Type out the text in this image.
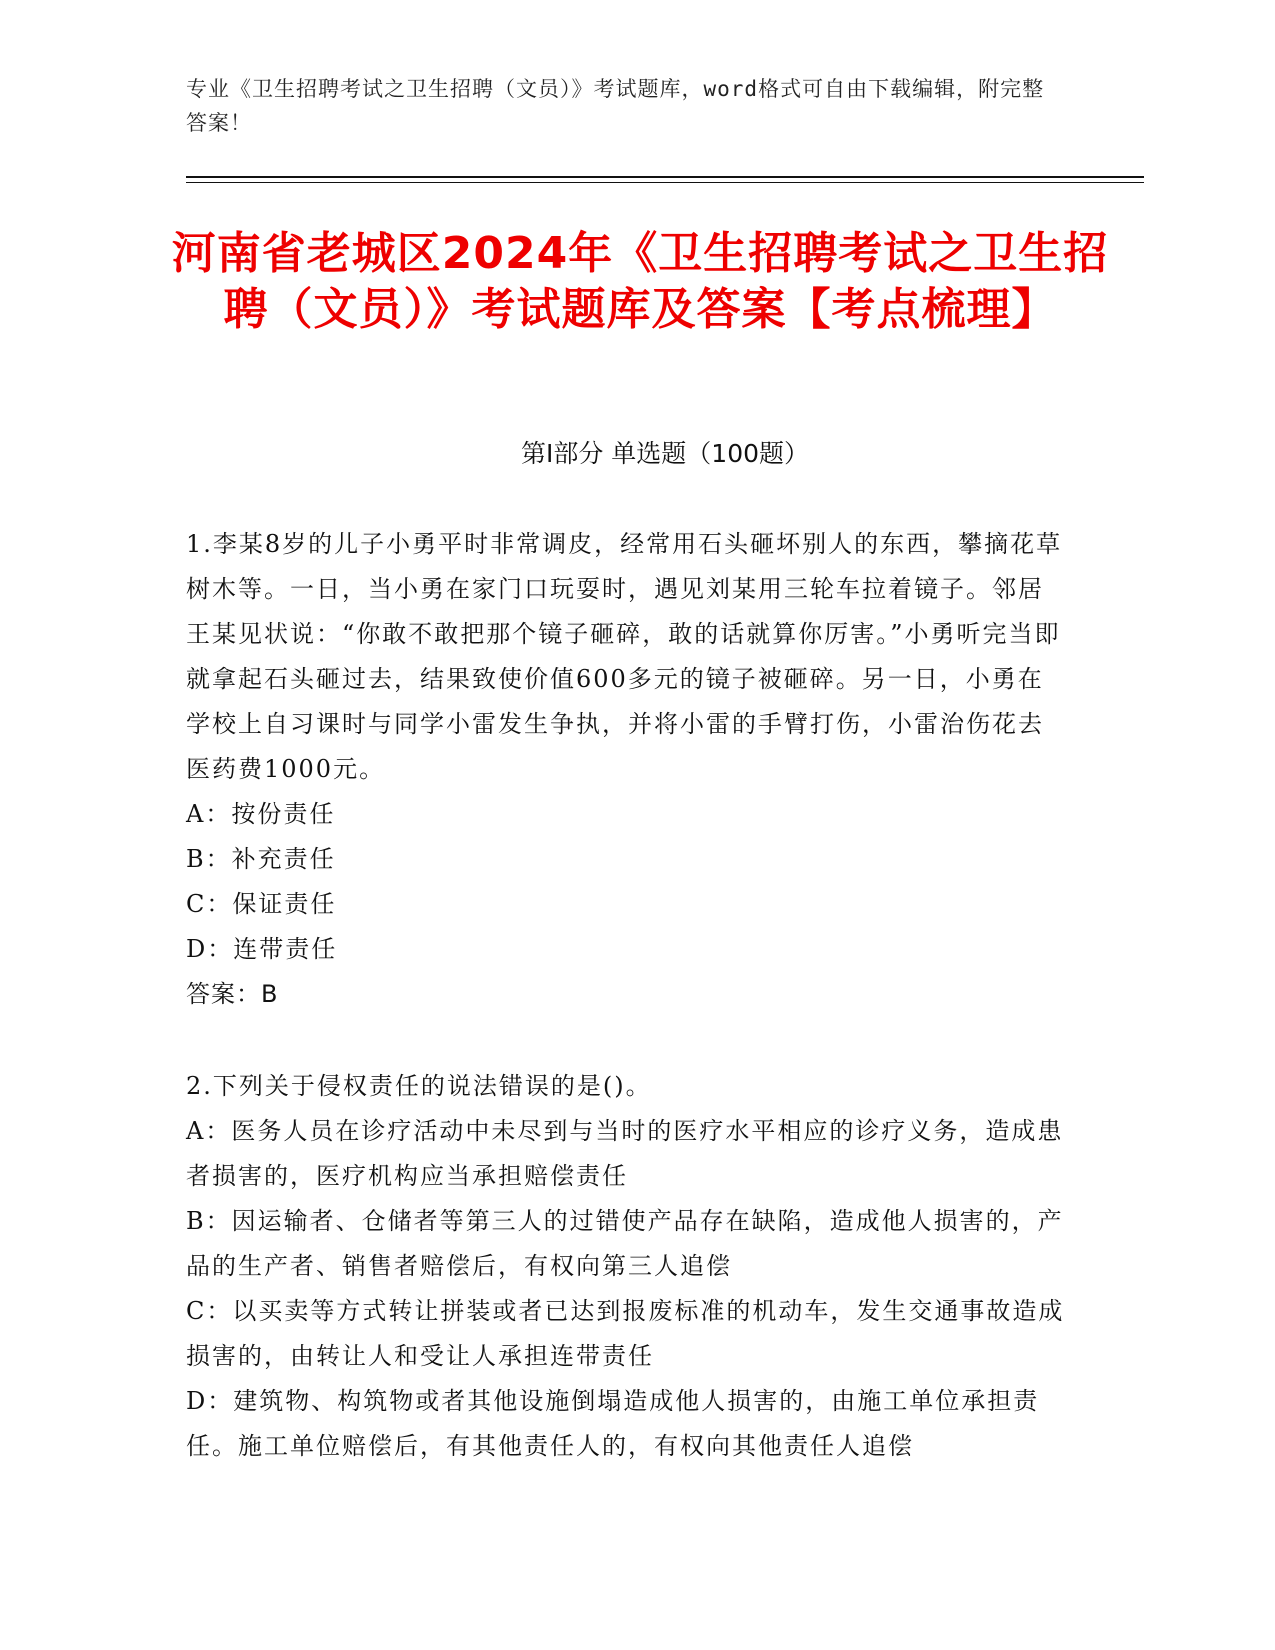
专业《卫生招聘考试之卫生招聘（文员）》考试题库，word格式可自由下载编辑，附完整答案！
河南省老城区2024年《卫生招聘考试之卫生招聘（文员）》考试题库及答案【考点梳理】
第I部分 单选题（100题）

1.李某8岁的儿子小勇平时非常调皮，经常用石头砸坏别人的东西，攀摘花草树木等。一日，当小勇在家门口玩耍时，遇见刘某用三轮车拉着镜子。邻居王某见状说：“你敢不敢把那个镜子砸碎，敢的话就算你厉害。”小勇听完当即就拿起石头砸过去，结果致使价值600多元的镜子被砸碎。另一日，小勇在学校上自习课时与同学小雷发生争执，并将小雷的手臂打伤，小雷治伤花去医药费1000元。

A：按份责任

B：补充责任

C：保证责任

D：连带责任

答案：B

2.下列关于侵权责任的说法错误的是()。

A：医务人员在诊疗活动中未尽到与当时的医疗水平相应的诊疗义务，造成患者损害的，医疗机构应当承担赔偿责任

B：因运输者、仓储者等第三人的过错使产品存在缺陷，造成他人损害的，产品的生产者、销售者赔偿后，有权向第三人追偿

C：以买卖等方式转让拼装或者已达到报废标准的机动车，发生交通事故造成损害的，由转让人和受让人承担连带责任

D：建筑物、构筑物或者其他设施倒塌造成他人损害的，由施工单位承担责任。施工单位赔偿后，有其他责任人的，有权向其他责任人追偿
